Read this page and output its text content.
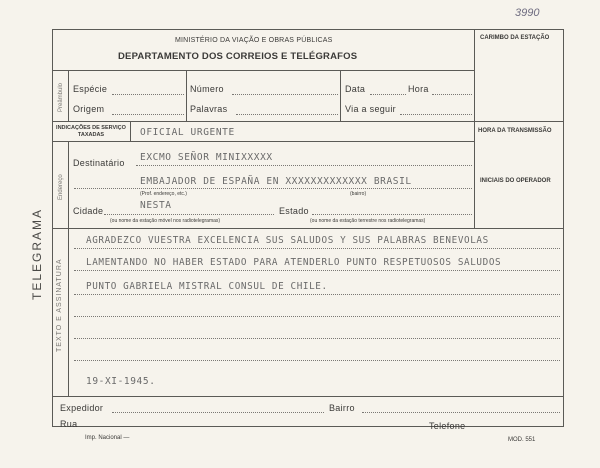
3990
MINISTÉRIO DA VIAÇÃO E OBRAS PÚBLICAS
DEPARTAMENTO DOS CORREIOS E TELÉGRAFOS
CARIMBO DA ESTAÇÃO
Preâmbulo Espécie	Número	Data	Hora
Origem	Palavras	Via a seguir
INDICAÇÕES DE SERVIÇO TAXADAS	OFICIAL URGENTE
Endereço
HORA DA TRANSMISSÃO
INICIAIS DO OPERADOR
Destinatário EXCMO SEÑOR MINIXXXXX
EMBAJADOR DE ESPAÑA EN XXXXXXXXXXXXX BRASIL
(Prof. endereço, etc.)	(bairro)
Cidade	NESTA	Estado
(ou nome da estação móvel nos radiotelegramas)	(ou nome da estação terrestre nos radiotelegramas)
TELEGRAMA
TEXTO E ASSINATURA
AGRADEZCO VUESTRA EXCELENCIA SUS SALUDOS Y SUS PALABRAS BENEVOLAS
LAMENTANDO NO HABER ESTADO PARA ATENDERLO PUNTO RESPETUOSOS SALUDOS
PUNTO GABRIELA MISTRAL CONSUL DE CHILE.
19-XI-1945.
Expedidor	Bairro
Rua	Telefone
Imp. Nacional —	MOD. 551
